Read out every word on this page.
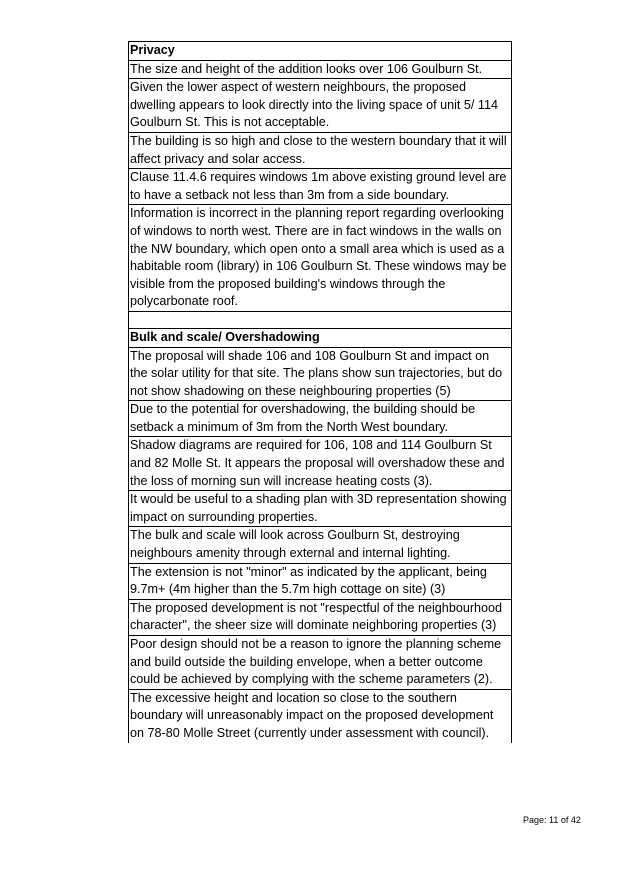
Privacy
The size and height of the addition looks over 106 Goulburn St.
Given the lower aspect of western neighbours, the proposed dwelling appears to look directly into the living space of unit 5/ 114 Goulburn St. This is not acceptable.
The building is so high and close to the western boundary that it will affect privacy and solar access.
Clause 11.4.6 requires windows 1m above existing ground level are to have a setback not less than 3m from a side boundary.
Information is incorrect in the planning report regarding overlooking of windows to north west. There are in fact windows in the walls on the NW boundary, which open onto a small area which is used as a habitable room (library) in 106 Goulburn St. These windows may be visible from the proposed building's windows through the polycarbonate roof.
Bulk and scale/ Overshadowing
The proposal will shade 106 and 108 Goulburn St and impact on the solar utility for that site. The plans show sun trajectories, but do not show shadowing on these neighbouring properties (5)
Due to the potential for overshadowing, the building should be setback a minimum of 3m from the North West boundary.
Shadow diagrams are required for 106, 108 and 114 Goulburn St and 82 Molle St. It appears the proposal will overshadow these and the loss of morning sun will increase heating costs (3).
It would be useful to a shading plan with 3D representation showing impact on surrounding properties.
The bulk and scale will look across Goulburn St, destroying neighbours amenity through external and internal lighting.
The extension is not "minor" as indicated by the applicant, being 9.7m+ (4m higher than the 5.7m high cottage on site) (3)
The proposed development is not "respectful of the neighbourhood character", the sheer size will dominate neighboring properties (3)
Poor design should not be a reason to ignore the planning scheme and build outside the building envelope, when a better outcome could be achieved by complying with the scheme parameters (2).
The excessive height and location so close to the southern boundary will unreasonably impact on the proposed development on 78-80 Molle Street (currently under assessment with council).
Page: 11 of 42
